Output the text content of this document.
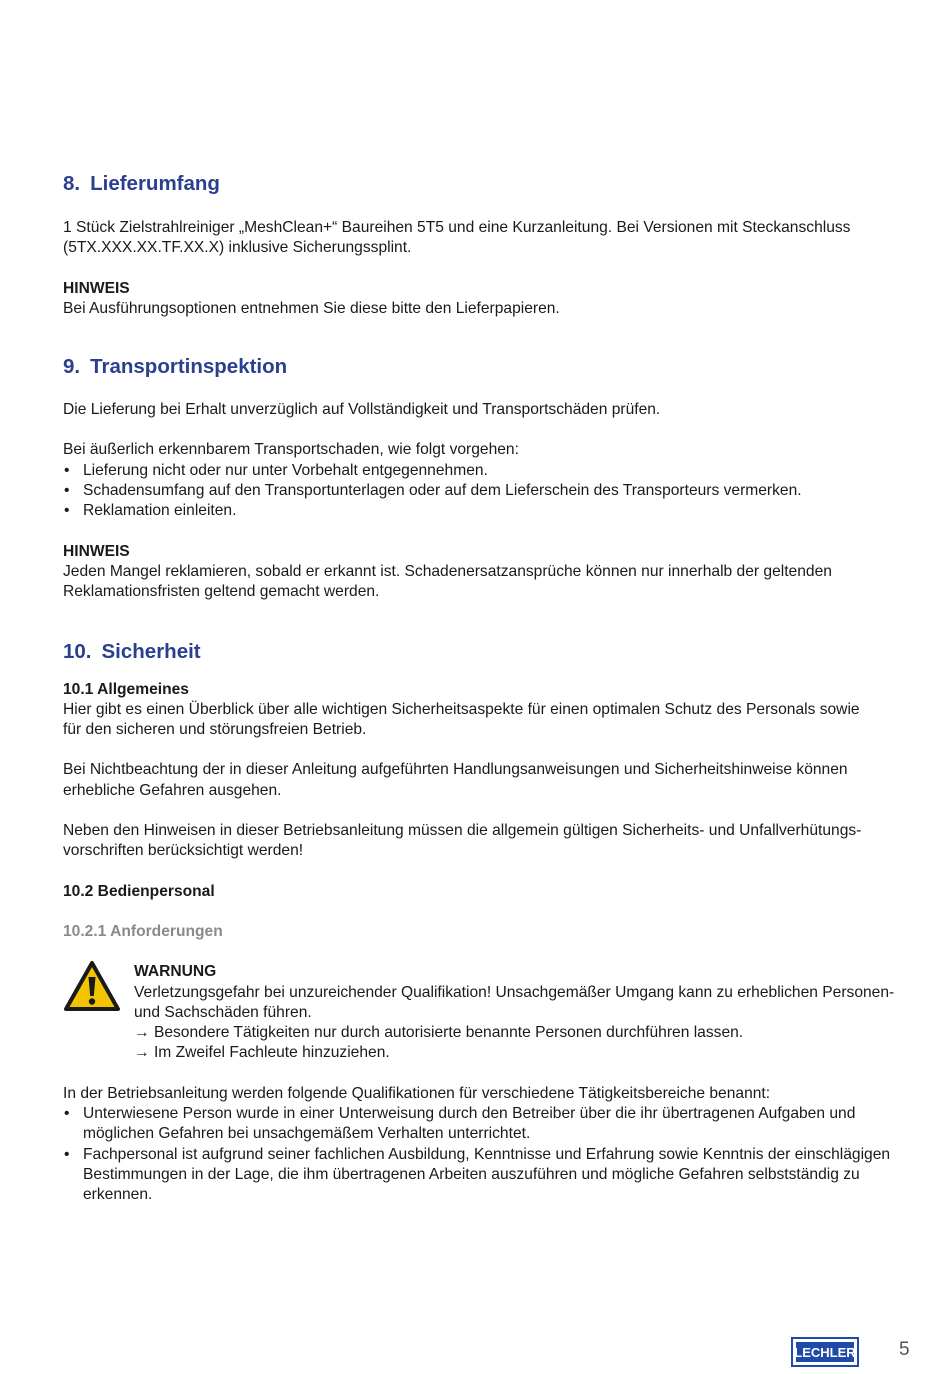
8. Lieferumfang

1 Stück Zielstrahlreiniger „MeshClean+“ Baureihen 5T5 und eine Kurzanleitung. Bei Versionen mit Steckanschluss

(5TX.XXX.XX.TF.XX.X) inklusive Sicherungssplint.

HINWEIS

Bei Ausführungsoptionen entnehmen Sie diese bitte den Lieferpapieren.

9. Transportinspektion

Die Lieferung bei Erhalt unverzüglich auf Vollständigkeit und Transportschäden prüfen.

Bei äußerlich erkennbarem Transportschaden, wie folgt vorgehen:

• Lieferung nicht oder nur unter Vorbehalt entgegennehmen.
• Schadensumfang auf den Transportunterlagen oder auf dem Lieferschein des Transporteurs vermerken.
• Reklamation einleiten.

HINWEIS

Jeden Mangel reklamieren, sobald er erkannt ist. Schadenersatzansprüche können nur innerhalb der geltenden

Reklamationsfristen geltend gemacht werden.

10. Sicherheit

10.1 Allgemeines

Hier gibt es einen Überblick über alle wichtigen Sicherheitsaspekte für einen optimalen Schutz des Personals sowie

für den sicheren und störungsfreien Betrieb.

Bei Nichtbeachtung der in dieser Anleitung aufgeführten Handlungsanweisungen und Sicherheitshinweise können

erhebliche Gefahren ausgehen.

Neben den Hinweisen in dieser Betriebsanleitung müssen die allgemein gültigen Sicherheits- und Unfallverhütungs-

vorschriften berücksichtigt werden!

10.2 Bedienpersonal

10.2.1 Anforderungen

WARNUNG

Verletzungsgefahr bei unzureichender Qualifikation! Unsachgemäßer Umgang kann zu erheblichen Personen-

und Sachschäden führen.

→ Besondere Tätigkeiten nur durch autorisierte benannte Personen durchführen lassen.

→ Im Zweifel Fachleute hinzuziehen.

In der Betriebsanleitung werden folgende Qualifikationen für verschiedene Tätigkeitsbereiche benannt:

• Unterwiesene Person wurde in einer Unterweisung durch den Betreiber über die ihr übertragenen Aufgaben und
möglichen Gefahren bei unsachgemäßem Verhalten unterrichtet.
• Fachpersonal ist aufgrund seiner fachlichen Ausbildung, Kenntnisse und Erfahrung sowie Kenntnis der einschlägigen
Bestimmungen in der Lage, die ihm übertragenen Arbeiten auszuführen und mögliche Gefahren selbstständig zu
erkennen.
LECHLER 5
